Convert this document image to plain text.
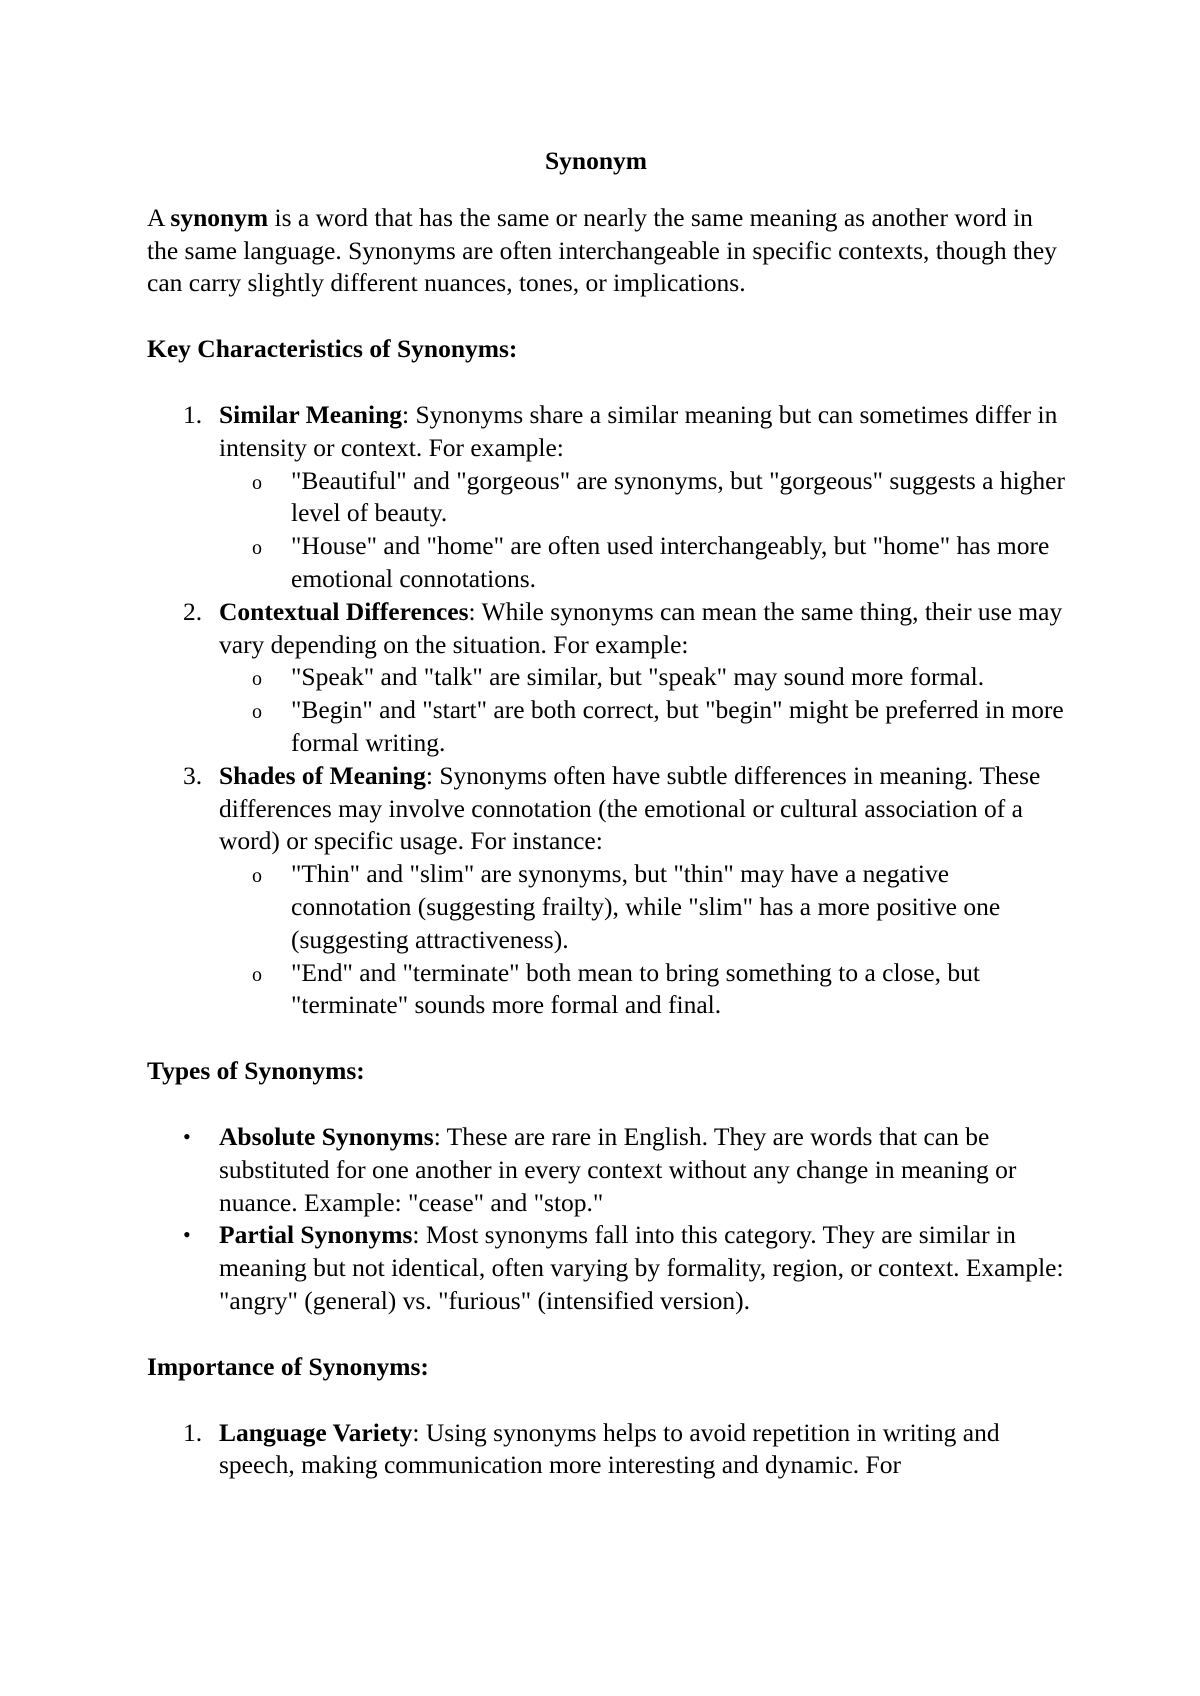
Synonym

A synonym is a word that has the same or nearly the same meaning as another word in the same language. Synonyms are often interchangeable in specific contexts, though they can carry slightly different nuances, tones, or implications.

Key Characteristics of Synonyms:
1. Similar Meaning: Synonyms share a similar meaning but can sometimes differ in intensity or context. For example:
o "Beautiful" and "gorgeous" are synonyms, but "gorgeous" suggests a higher level of beauty.
o "House" and "home" are often used interchangeably, but "home" has more emotional connotations.
2. Contextual Differences: While synonyms can mean the same thing, their use may vary depending on the situation. For example:
o "Speak" and "talk" are similar, but "speak" may sound more formal.
o "Begin" and "start" are both correct, but "begin" might be preferred in more formal writing.
3. Shades of Meaning: Synonyms often have subtle differences in meaning. These differences may involve connotation (the emotional or cultural association of a word) or specific usage. For instance:
o "Thin" and "slim" are synonyms, but "thin" may have a negative connotation (suggesting frailty), while "slim" has a more positive one (suggesting attractiveness).
o "End" and "terminate" both mean to bring something to a close, but "terminate" sounds more formal and final.
Types of Synonyms:
• Absolute Synonyms: These are rare in English. They are words that can be substituted for one another in every context without any change in meaning or nuance. Example: "cease" and "stop."
• Partial Synonyms: Most synonyms fall into this category. They are similar in meaning but not identical, often varying by formality, region, or context. Example: "angry" (general) vs. "furious" (intensified version).
Importance of Synonyms:
1. Language Variety: Using synonyms helps to avoid repetition in writing and speech, making communication more interesting and dynamic. For
